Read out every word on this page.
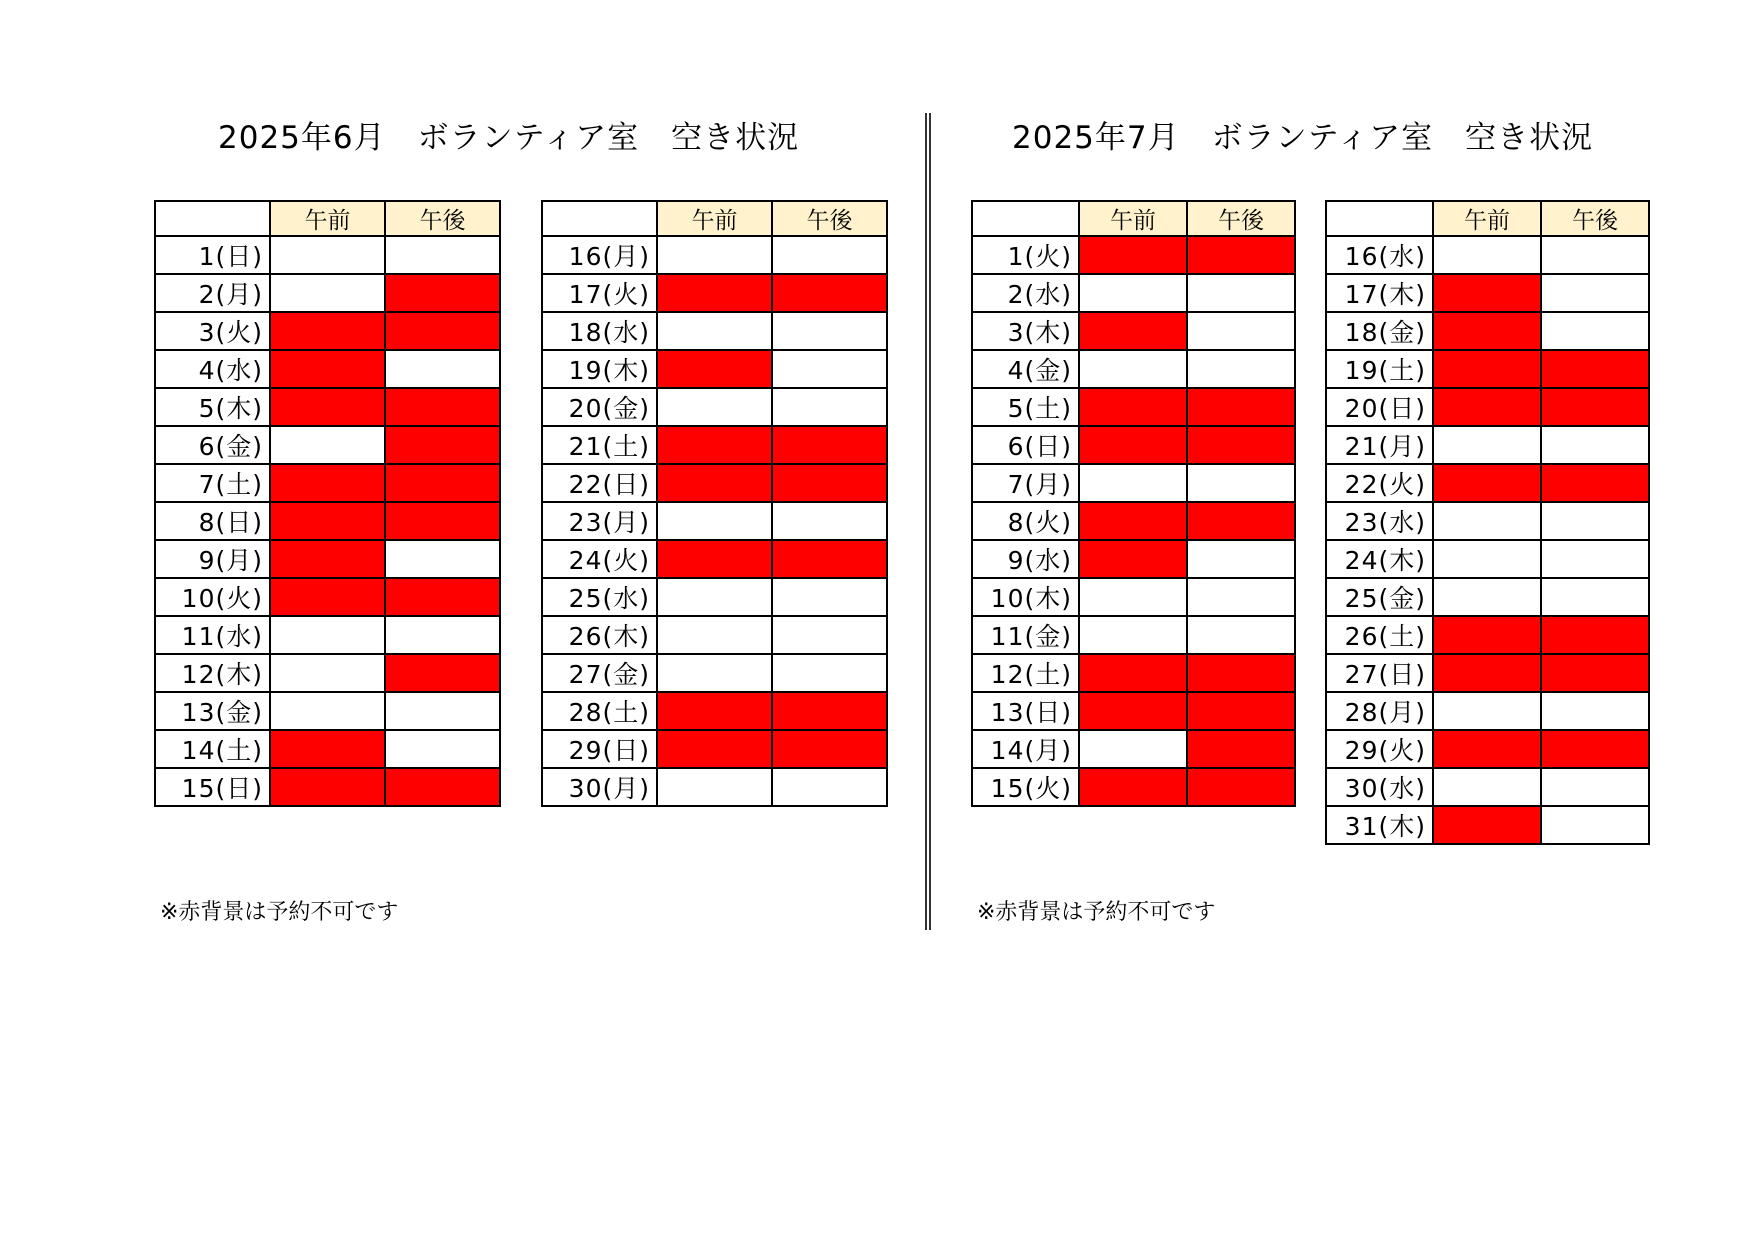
2025年6月　ボランティア室　空き状況	2025年7月　ボランティア室　空き状況
	午前	午後
1(日)		
2(月)		
3(火)		
4(水)		
5(木)		
6(金)		
7(土)		
8(日)		
9(月)		
10(火)		
11(水)		
12(木)		
13(金)		
14(土)		
15(日)		
	午前	午後
16(月)		
17(火)		
18(水)		
19(木)		
20(金)		
21(土)		
22(日)		
23(月)		
24(火)		
25(水)		
26(木)		
27(金)		
28(土)		
29(日)		
30(月)		
	午前	午後
1(火)		
2(水)		
3(木)		
4(金)		
5(土)		
6(日)		
7(月)		
8(火)		
9(水)		
10(木)		
11(金)		
12(土)		
13(日)		
14(月)		
15(火)		
	午前	午後
16(水)		
17(木)		
18(金)		
19(土)		
20(日)		
21(月)		
22(火)		
23(水)		
24(木)		
25(金)		
26(土)		
27(日)		
28(月)		
29(火)		
30(水)		
31(木)		
※赤背景は予約不可です	※赤背景は予約不可です
